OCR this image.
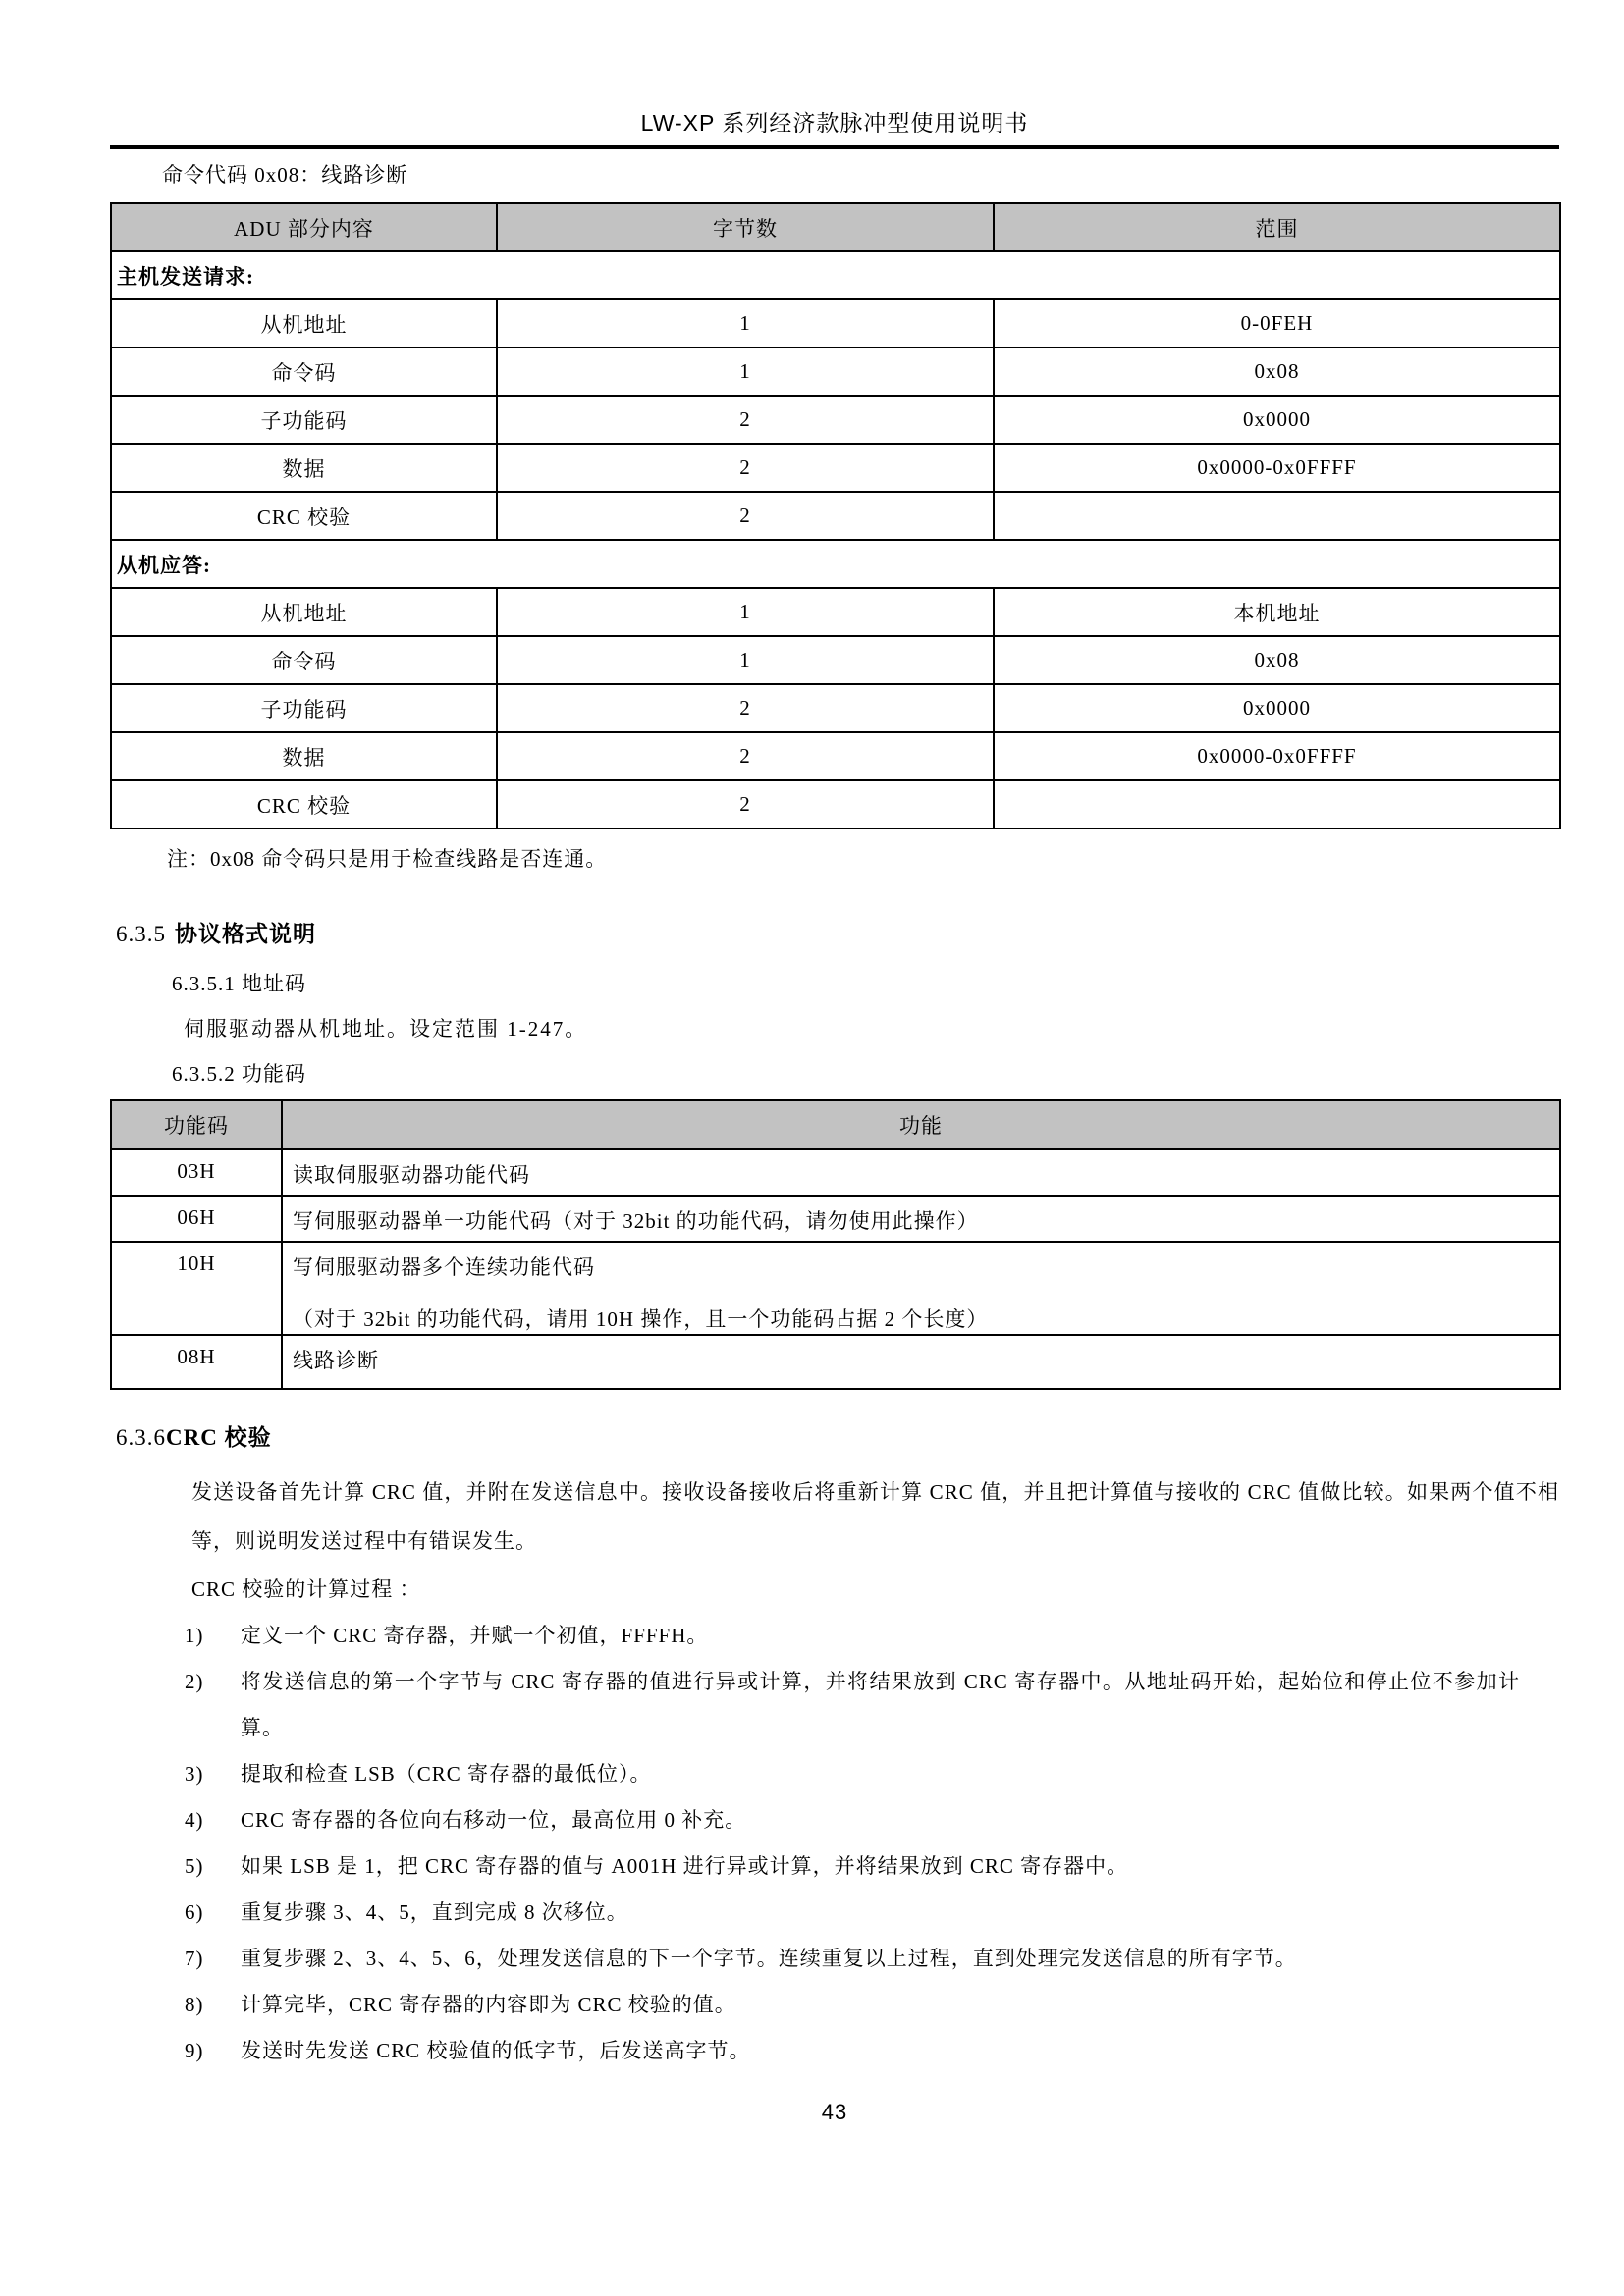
LW-XP 系列经济款脉冲型使用说明书
命令代码 0x08：线路诊断
ADU 部分内容	字节数	范围
主机发送请求:		
从机地址	1	0-0FEH
命令码	1	0x08
子功能码	2	0x0000
数据	2	0x0000-0x0FFFF
CRC 校验	2	
从机应答:		
从机地址	1	本机地址
命令码	1	0x08
子功能码	2	0x0000
数据	2	0x0000-0x0FFFF
CRC 校验	2	
注：0x08 命令码只是用于检查线路是否连通。
6.3.5 协议格式说明
6.3.5.1 地址码
伺服驱动器从机地址。设定范围 1-247。
6.3.5.2 功能码
功能码	功能
03H	读取伺服驱动器功能代码

06H	写伺服驱动器单一功能代码（对于 32bit 的功能代码，请勿使用此操作）

10H	写伺服驱动器多个连续功能代码
（对于 32bit 的功能代码，请用 10H 操作，且一个功能码占据 2 个长度）

08H	线路诊断
6.3.6CRC 校验
发送设备首先计算 CRC 值，并附在发送信息中。接收设备接收后将重新计算 CRC 值，并且把计算值与接收的 CRC 值做比较。如果两个值不相等，则说明发送过程中有错误发生。
CRC 校验的计算过程 ：
1)	定义一个 CRC 寄存器，并赋一个初值，FFFFH。
2)	将发送信息的第一个字节与 CRC 寄存器的值进行异或计算，并将结果放到 CRC 寄存器中。从地址码开始，起始位和停止位不参加计算。
3)	提取和检查 LSB（CRC 寄存器的最低位）。
4)	CRC 寄存器的各位向右移动一位，最高位用 0 补充。
5)	如果 LSB 是 1，把 CRC 寄存器的值与 A001H 进行异或计算，并将结果放到 CRC 寄存器中。
6)	重复步骤 3、4、5，直到完成 8 次移位。
7)	重复步骤 2、3、4、5、6，处理发送信息的下一个字节。连续重复以上过程，直到处理完发送信息的所有字节。
8)	计算完毕，CRC 寄存器的内容即为 CRC 校验的值。
9)	发送时先发送 CRC 校验值的低字节，后发送高字节。
43
